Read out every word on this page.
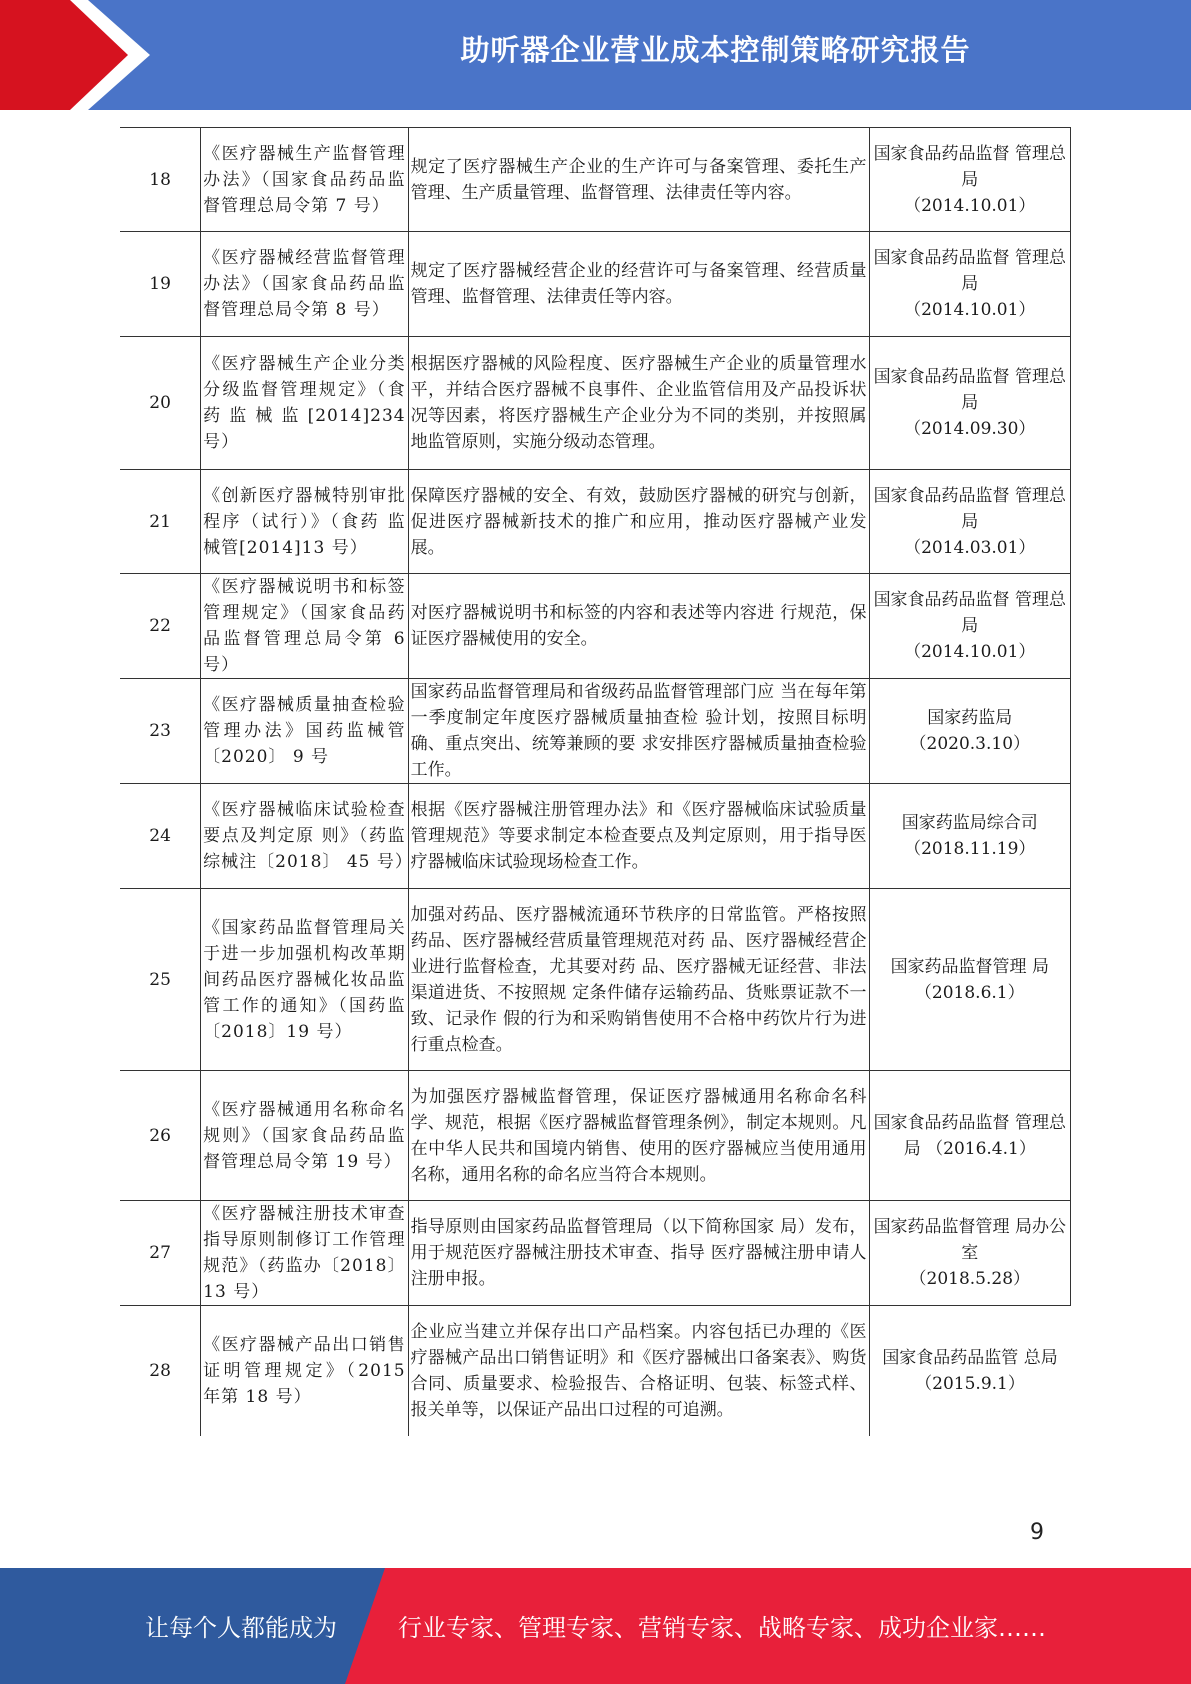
助听器企业营业成本控制策略研究报告
18	《医疗器械生产监督管理办法》（国家食品药品监督管理总局令第 7 号）	规定了医疗器械生产企业的生产许可与备案管理、委托生产管理、生产质量管理、监督管理、法律责任等内容。	国家食品药品监督 管理总局
（2014.10.01）

19	《医疗器械经营监督管理办法》（国家食品药品监督管理总局令第 8 号）	规定了医疗器械经营企业的经营许可与备案管理、经营质量管理、监督管理、法律责任等内容。	国家食品药品监督 管理总局
（2014.10.01）

20	《医疗器械生产企业分类分级监督管理规定》（食药监械监[2014]234 号）	根据医疗器械的风险程度、医疗器械生产企业的质量管理水平，并结合医疗器械不良事件、企业监管信用及产品投诉状况等因素，将医疗器械生产企业分为不同的类别，并按照属地监管原则，实施分级动态管理。	国家食品药品监督 管理总局
（2014.09.30）

21	《创新医疗器械特别审批程序（试行）》（食药 监械管[2014]13 号）	保障医疗器械的安全、有效，鼓励医疗器械的研究与创新，促进医疗器械新技术的推广和应用，推动医疗器械产业发展。	国家食品药品监督 管理总局
（2014.03.01）

22	《医疗器械说明书和标签管理规定》（国家食品药品监督管理总局令第 6 号）	对医疗器械说明书和标签的内容和表述等内容进 行规范，保证医疗器械使用的安全。	国家食品药品监督 管理总局
（2014.10.01）

23	《医疗器械质量抽查检验管理办法》国药监械管〔2020〕 9 号	国家药品监督管理局和省级药品监督管理部门应 当在每年第一季度制定年度医疗器械质量抽查检 验计划，按照目标明确、重点突出、统筹兼顾的要 求安排医疗器械质量抽查检验工作。	国家药监局
（2020.3.10）

24	《医疗器械临床试验检查要点及判定原 则》（药监综械注〔2018〕 45 号）	根据《医疗器械注册管理办法》和《医疗器械临床试验质量管理规范》等要求制定本检查要点及判定原则，用于指导医疗器械临床试验现场检查工作。	国家药监局综合司
（2018.11.19）

25	《国家药品监督管理局关于进一步加强机构改革期间药品医疗器械化妆品监管工作的通知》（国药监〔2018〕19 号）	加强对药品、医疗器械流通环节秩序的日常监管。严格按照药品、医疗器械经营质量管理规范对药 品、医疗器械经营企业进行监督检查，尤其要对药 品、医疗器械无证经营、非法渠道进货、不按照规 定条件储存运输药品、货账票证款不一致、记录作 假的行为和采购销售使用不合格中药饮片行为进 行重点检查。	国家药品监督管理 局
（2018.6.1）

26	《医疗器械通用名称命名规则》（国家食品药品监督管理总局令第 19 号）	为加强医疗器械监督管理，保证医疗器械通用名称命名科学、规范，根据《医疗器械监督管理条例》，制定本规则。凡在中华人民共和国境内销售、使用的医疗器械应当使用通用名称，通用名称的命名应当符合本规则。	国家食品药品监督 管理总局 （2016.4.1）

27	《医疗器械注册技术审查指导原则制修订工作管理规范》（药监办〔2018〕13 号）	指导原则由国家药品监督管理局（以下简称国家 局）发布，用于规范医疗器械注册技术审查、指导 医疗器械注册申请人注册申报。	国家药品监督管理 局办公室
（2018.5.28）

28	《医疗器械产品出口销售证明管理规定》（2015 年第 18 号）	企业应当建立并保存出口产品档案。内容包括已办理的《医疗器械产品出口销售证明》和《医疗器械出口备案表》、购货合同、质量要求、检验报告、合格证明、包装、标签式样、报关单等，以保证产品出口过程的可追溯。	国家食品药品监管 总局
（2015.9.1）
9
让每个人都能成为	行业专家、管理专家、营销专家、战略专家、成功企业家……
